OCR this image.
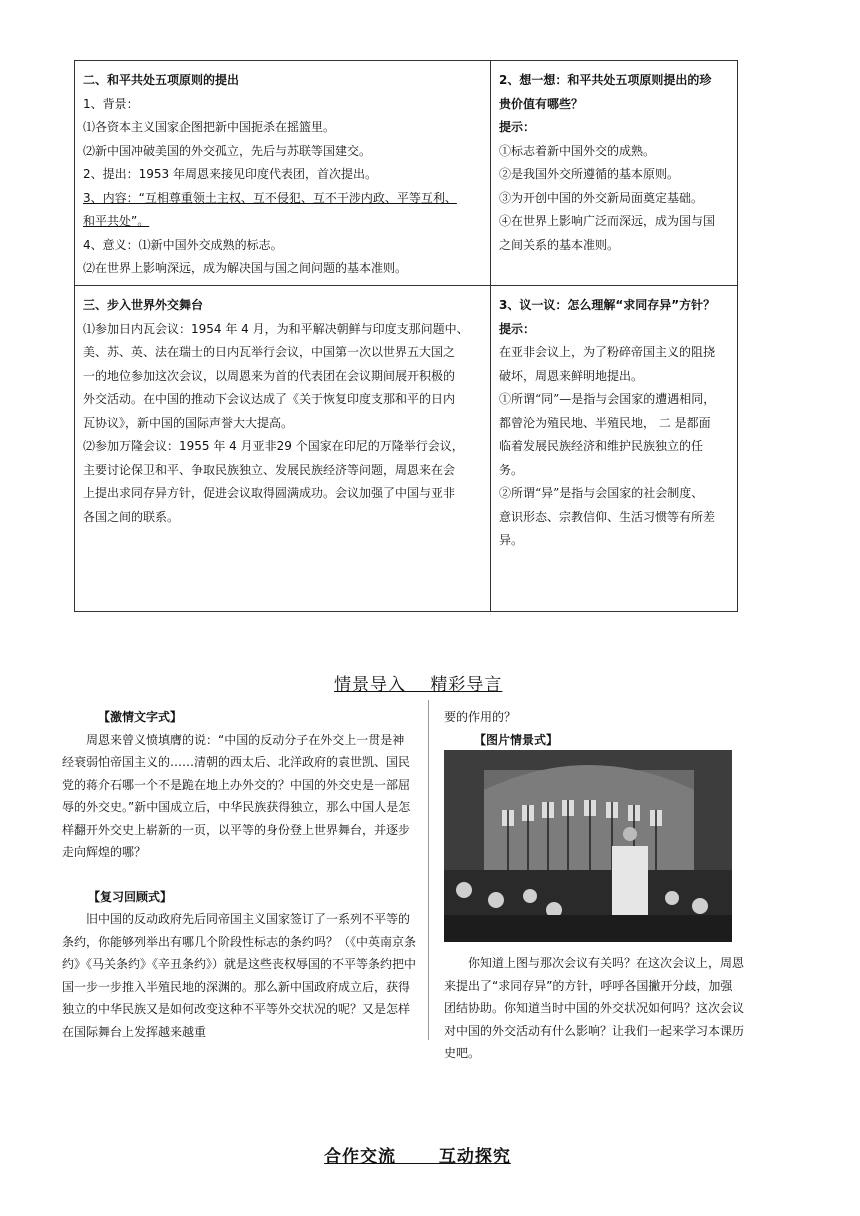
二、和平共处五项原则的提出
1、背景：
⑴各资本主义国家企图把新中国扼杀在摇篮里。
⑵新中国冲破美国的外交孤立，先后与苏联等国建交。
2、提出：1953 年周恩来接见印度代表团，首次提出。
3、内容：“互相尊重领土主权、互不侵犯、互不干涉内政、平等互利、
和平共处”。
4、意义：⑴新中国外交成熟的标志。
⑵在世界上影响深远，成为解决国与国之间问题的基本准则。
2、想一想：和平共处五项原则提出的珍
贵价值有哪些？
提示：
①标志着新中国外交的成熟。
②是我国外交所遵循的基本原则。
③为开创中国的外交新局面奠定基础。
④在世界上影响广泛而深远，成为国与国
之间关系的基本准则。
三、步入世界外交舞台
⑴参加日内瓦会议：1954 年 4 月，为和平解决朝鲜与印度支那问题中、
美、苏、英、法在瑞士的日内瓦举行会议，中国第一次以世界五大国之
一的地位参加这次会议，以周恩来为首的代表团在会议期间展开积极的
外交活动。在中国的推动下会议达成了《关于恢复印度支那和平的日内
瓦协议》，新中国的国际声誉大大提高。
⑵参加万隆会议：1955 年 4 月亚非29 个国家在印尼的万隆举行会议，
主要讨论保卫和平、争取民族独立、发展民族经济等问题，周恩来在会
上提出求同存异方针，促进会议取得圆满成功。会议加强了中国与亚非
各国之间的联系。
3、议一议：怎么理解“求同存异”方针？
提示：
在亚非会议上，为了粉碎帝国主义的阻挠
破坏，周恩来鲜明地提出。
①所谓“同”—是指与会国家的遭遇相同，
都曾沦为殖民地、半殖民地， 二 是都面
临着发展民族经济和维护民族独立的任
务。
②所谓“异”是指与会国家的社会制度、
意识形态、宗教信仰、生活习惯等有所差
异。
情景导入　 精彩导言

【激情文字式】

周恩来曾义愤填膺的说：“中国的反动分子在外交上一贯是神经衰弱怕帝国主义的……清朝的西太后、北洋政府的袁世凯、国民党的蒋介石哪一个不是跪在地上办外交的？中国的外交史是一部屈辱的外交史。”新中国成立后，中华民族获得独立，那么中国人是怎样翻开外交史上崭新的一页，以平等的身份登上世界舞台，并逐步走向辉煌的哪？

【复习回顾式】

旧中国的反动政府先后同帝国主义国家签订了一系列不平等的条约，你能够列举出有哪几个阶段性标志的条约吗？（《中英南京条约》《马关条约》《辛丑条约》）就是这些丧权辱国的不平等条约把中国一步一步推入半殖民地的深渊的。那么新中国政府成立后，获得独立的中华民族又是如何改变这种不平等外交状况的呢？又是怎样在国际舞台上发挥越来越重

要的作用的？

【图片情景式】

你知道上图与那次会议有关吗？在这次会议上，周恩来提出了“求同存异”的方针，呼呼各国撇开分歧，加强团结协助。你知道当时中国的外交状况如何吗？这次会议对中国的外交活动有什么影响？让我们一起来学习本课历史吧。

合作交流　　 互动探究
